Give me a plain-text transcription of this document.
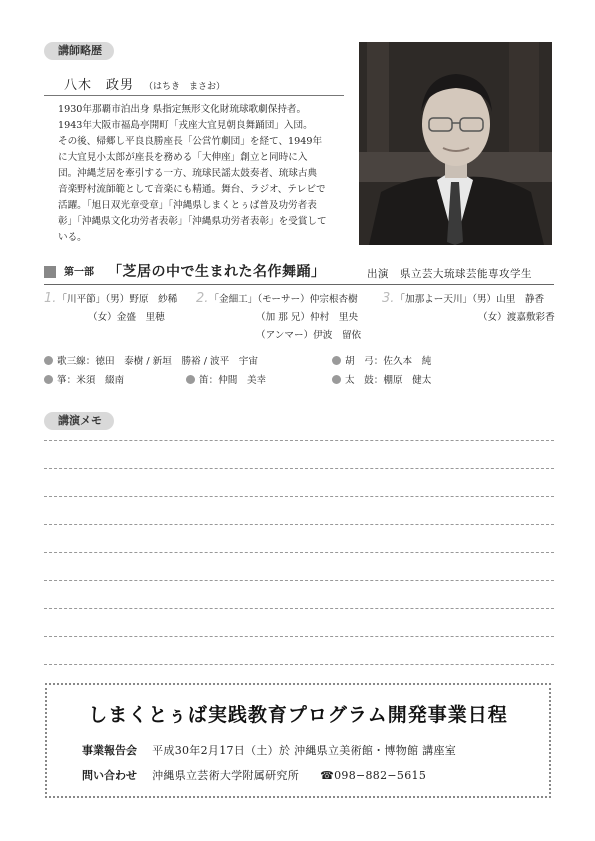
講師略歴
八木　政男 （はちき　まさお）

1930年那覇市泊出身 県指定無形文化財琉球歌劇保持者。

1943年大阪市福島亭開町「戎座大宜見朝良舞踊団」入団。

その後、帰郷し平良良勝座長「公営竹劇団」を経て、1949年

に大宜見小太郎が座長を務める「大伸座」創立と同時に入

団。沖縄芝居を牽引する一方、琉球民謡太鼓奏者、琉球古典

音楽野村流師範として音楽にも精通。舞台、ラジオ、テレビで

活躍。「旭日双光章受章」「沖縄県しまくとぅば普及功労者表

彰」「沖縄県文化功労者表彰」「沖縄県功労者表彰」を受賞して

いる。

第一部 「芝居の中で生まれた名作舞踊」	出演　県立芸大琉球芸能専攻学生
1.「川平節」（男）野原　紗稀
（女）金盛　里穂
2.「金細工」（モーサー）仲宗根杏樹
（加 那 兄）仲村　里央
（アンマー）伊波　留依
3.「加那よー天川」（男）山里　静香
（女）渡嘉敷彩香
歌三線：徳田　泰樹 / 新垣　勝裕 / 波平　宇宙	胡　弓：佐久本　純
箏：米須　綴南	笛：仲間　美幸	太　鼓：棚原　健太
講演メモ
しまくとぅば実践教育プログラム開発事業日程
事業報告会 平成30年2月17日（土）於 沖縄県立美術館・博物館 講座室
問い合わせ 沖縄県立芸術大学附属研究所 ☎098−882−5615
